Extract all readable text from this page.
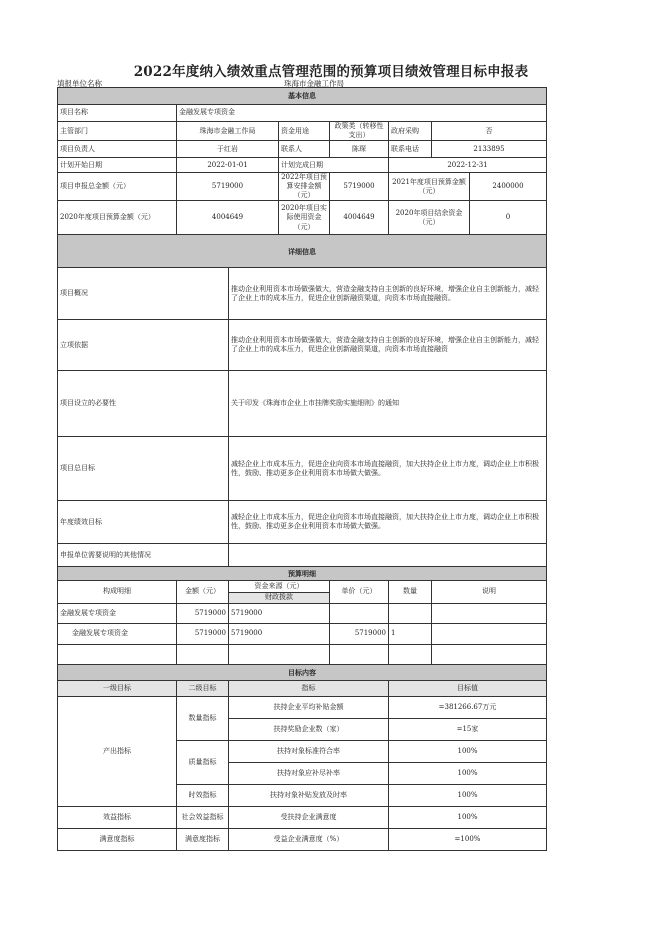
2022年度纳入绩效重点管理范围的预算项目绩效管理目标申报表
填报单位名称	珠海市金融工作局
基本信息							
项目名称	金融发展专项资金						
主管部门	珠海市金融工作局		资金用途	政策类（转移性支出）	政府采购	否	
项目负责人	于红岩		联系人	陈琛	联系电话	2133895	
计划开始日期	2022-01-01		计划完成日期		2022-12-31		
项目申报总金额（元）	5719000		2022年项目预算安排金额（元）	5719000	2021年度项目预算金额（元）		2400000
2020年度项目预算金额（元）	4004649		2020年项目实际使用资金（元）	4004649	2020年项目结余资金（元）		0
详细信息							
项目概况		推动企业利用资本市场做强做大，营造金融支持自主创新的良好环境，增强企业自主创新能力，减轻了企业上市的成本压力，促进企业创新融资渠道，向资本市场直接融资。					
立项依据		推动企业利用资本市场做强做大，营造金融支持自主创新的良好环境，增强企业自主创新能力，减轻了企业上市的成本压力，促进企业创新融资渠道，向资本市场直接融资					
项目设立的必要性		关于印发《珠海市企业上市挂牌奖励实施细则》的通知					
项目总目标		减轻企业上市成本压力，促进企业向资本市场直接融资，加大扶持企业上市力度，调动企业上市积极性，鼓励、推动更多企业利用资本市场做大做强。					
年度绩效目标		减轻企业上市成本压力，促进企业向资本市场直接融资，加大扶持企业上市力度，调动企业上市积极性，鼓励、推动更多企业利用资本市场做大做强。					
申报单位需要说明的其他情况							
预算明细							
构成明细	金额（元）	资金来源（元）		单价（元）	数量	说明	
		财政拨款					
金融发展专项资金	5719000	5719000					
金融发展专项资金	5719000	5719000		5719000	1		

目标内容							
一级目标	二级目标	指标			目标值		
产出指标	数量指标	扶持企业平均补贴金额			=381266.67万元		
		扶持奖励企业数（家）			=15家		
	质量指标	扶持对象标准符合率			100%		
		扶持对象应补尽补率			100%		
	时效指标	扶持对象补贴发放及时率			100%		
效益指标	社会效益指标	受扶持企业满意度			100%		
满意度指标	满意度指标	受益企业满意度（%）			=100%		
